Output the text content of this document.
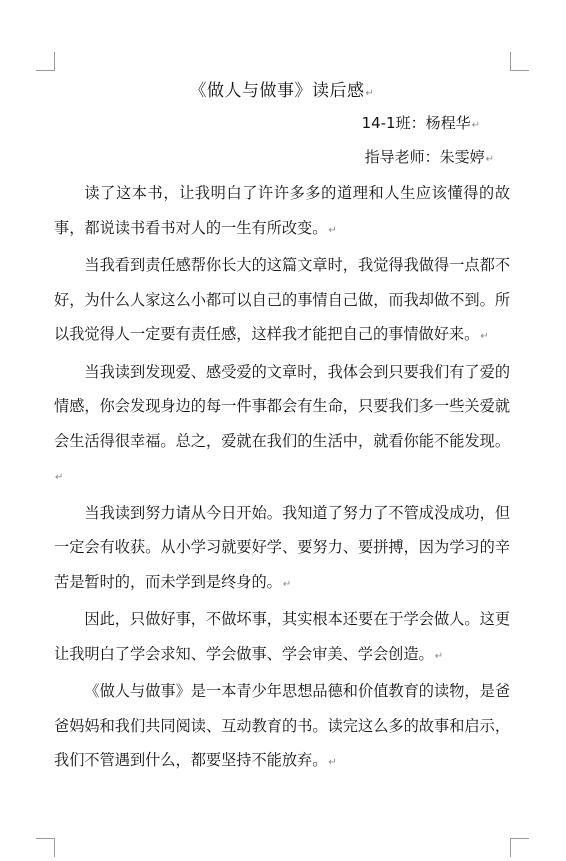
《做人与做事》读后感↵
14-1班：杨程华↵
指导老师：朱雯婷↵

读了这本书，让我明白了许许多多的道理和人生应该懂得的故事，都说读书看书对人的一生有所改变。↵

当我看到责任感帮你长大的这篇文章时，我觉得我做得一点都不好，为什么人家这么小都可以自己的事情自己做，而我却做不到。所以我觉得人一定要有责任感，这样我才能把自己的事情做好来。↵

当我读到发现爱、感受爱的文章时，我体会到只要我们有了爱的情感，你会发现身边的每一件事都会有生命，只要我们多一些关爱就会生活得很幸福。总之，爱就在我们的生活中，就看你能不能发现。↵

当我读到努力请从今日开始。我知道了努力了不管成没成功，但一定会有收获。从小学习就要好学、要努力、要拼搏，因为学习的辛苦是暂时的，而未学到是终身的。↵

因此，只做好事，不做坏事，其实根本还要在于学会做人。这更让我明白了学会求知、学会做事、学会审美、学会创造。↵

《做人与做事》是一本青少年思想品德和价值教育的读物，是爸爸妈妈和我们共同阅读、互动教育的书。读完这么多的故事和启示，我们不管遇到什么，都要坚持不能放弃。↵
